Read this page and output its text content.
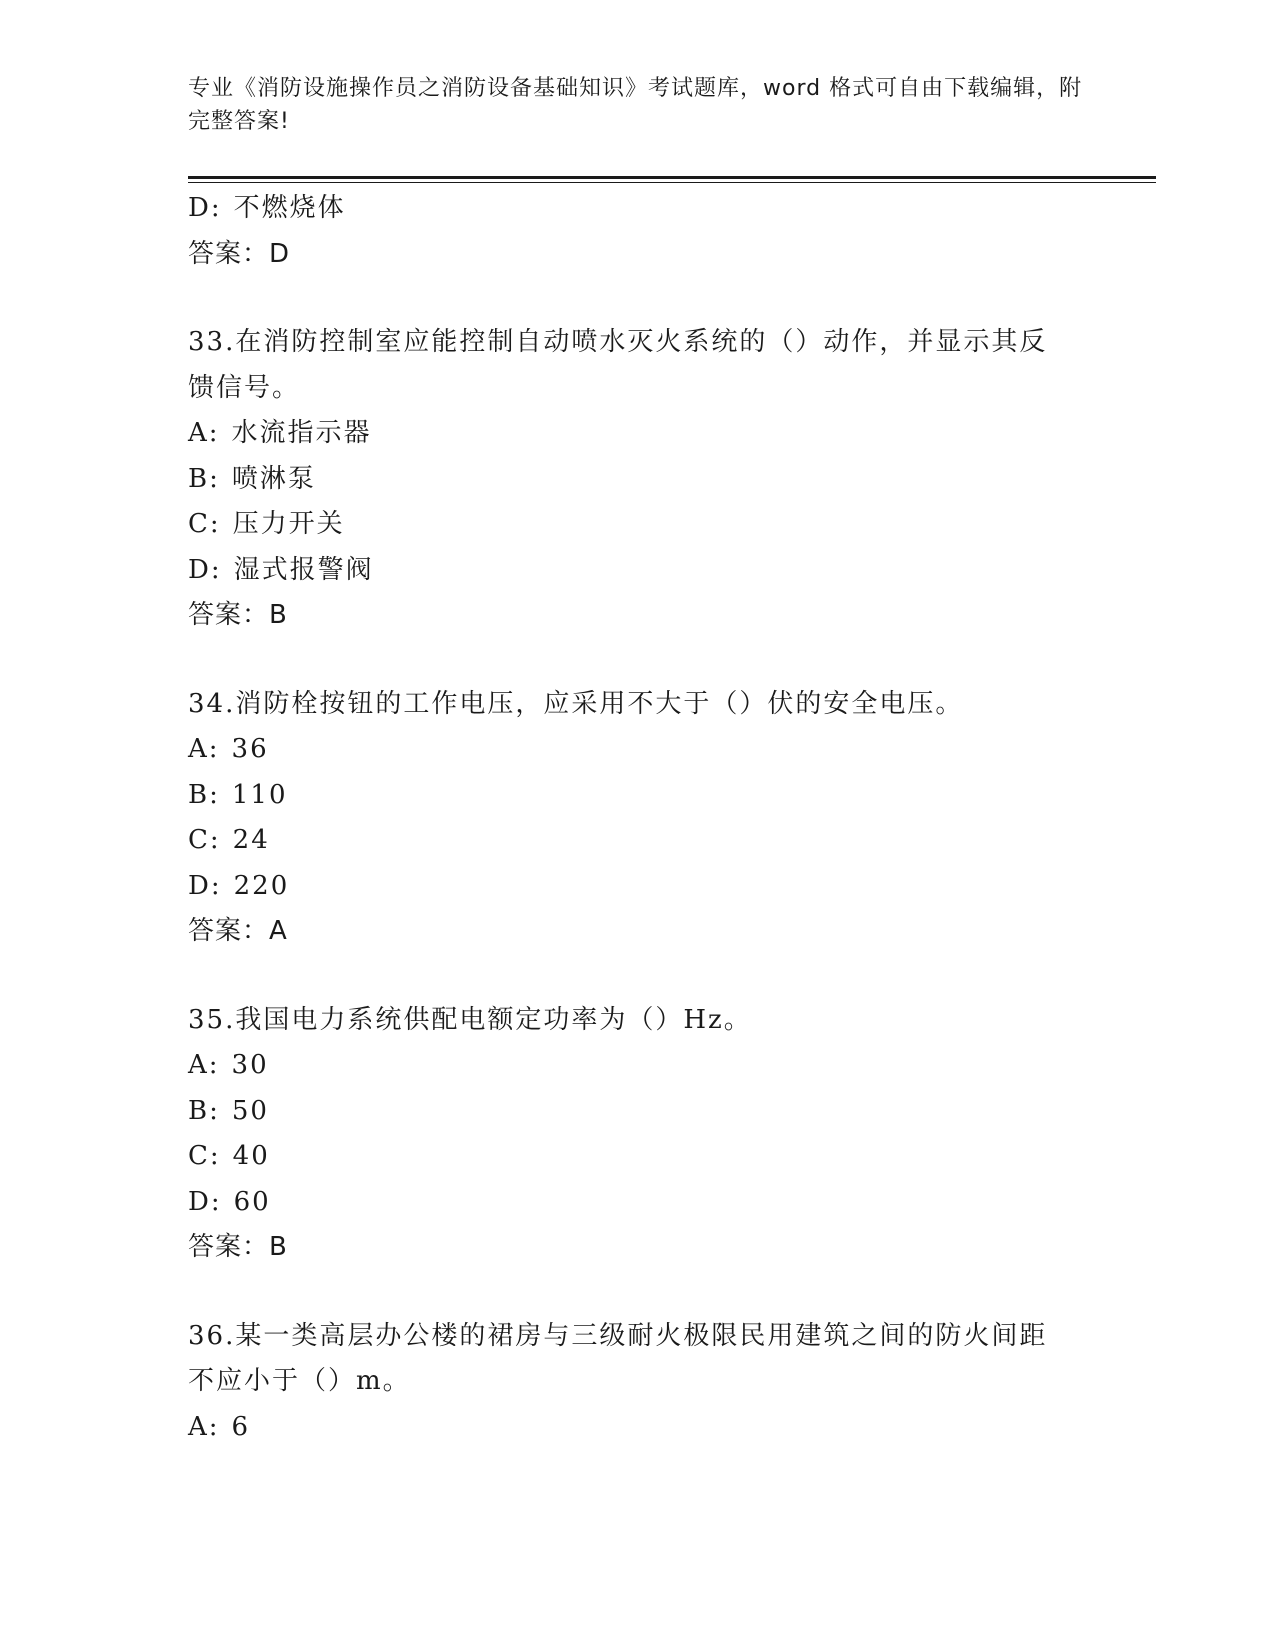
专业《消防设施操作员之消防设备基础知识》考试题库，word 格式可自由下载编辑，附完整答案!
D: 不燃烧体
答案：D
33.在消防控制室应能控制自动喷水灭火系统的（）动作，并显示其反馈信号。
A: 水流指示器
B: 喷淋泵
C: 压力开关
D: 湿式报警阀
答案：B
34.消防栓按钮的工作电压，应采用不大于（）伏的安全电压。
A: 36
B: 110
C: 24
D: 220
答案：A
35.我国电力系统供配电额定功率为（）Hz。
A: 30
B: 50
C: 40
D: 60
答案：B
36.某一类高层办公楼的裙房与三级耐火极限民用建筑之间的防火间距不应小于（）m。
A: 6
